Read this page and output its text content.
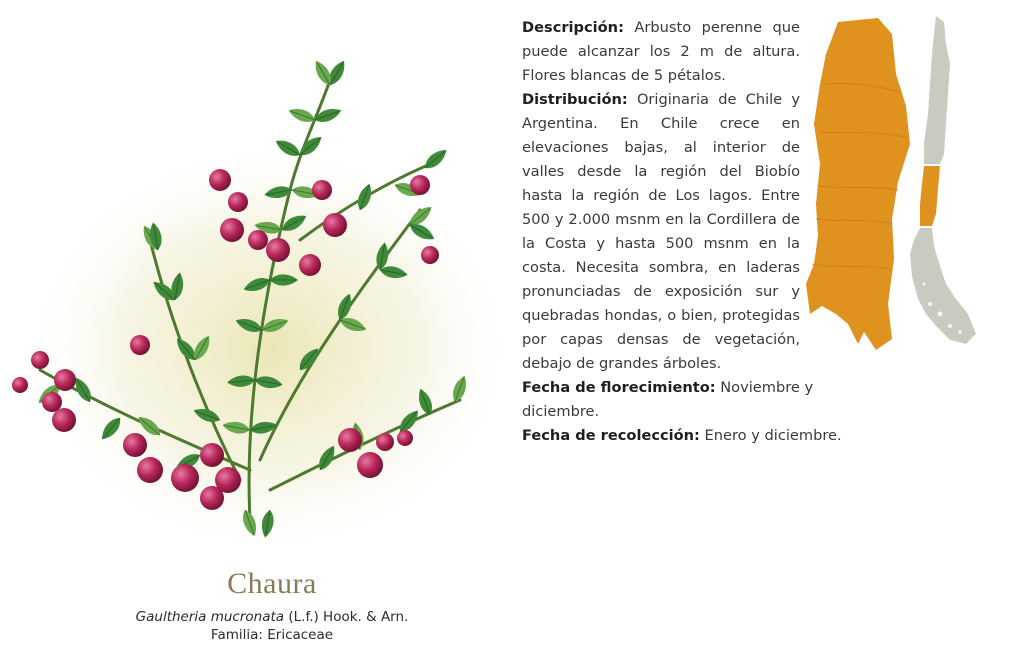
Chaura
Gaultheria mucronata (L.f.) Hook. & Arn.
Familia: Ericaceae

Descripción: Arbusto perenne que puede alcanzar los 2 m de altura. Flores blancas de 5 pétalos.

Distribución: Originaria de Chile y Argentina. En Chile crece en elevaciones bajas, al interior de valles desde la región del Biobío hasta la región de Los lagos. Entre 500 y 2.000 msnm en la Cordillera de la Costa y hasta 500 msnm en la costa. Necesita sombra, en laderas pronunciadas de exposición sur y quebradas hondas, o bien, protegidas por capas densas de vegetación, debajo de grandes árboles.

Fecha de florecimiento: Noviembre y diciembre.

Fecha de recolección: Enero y diciembre.
